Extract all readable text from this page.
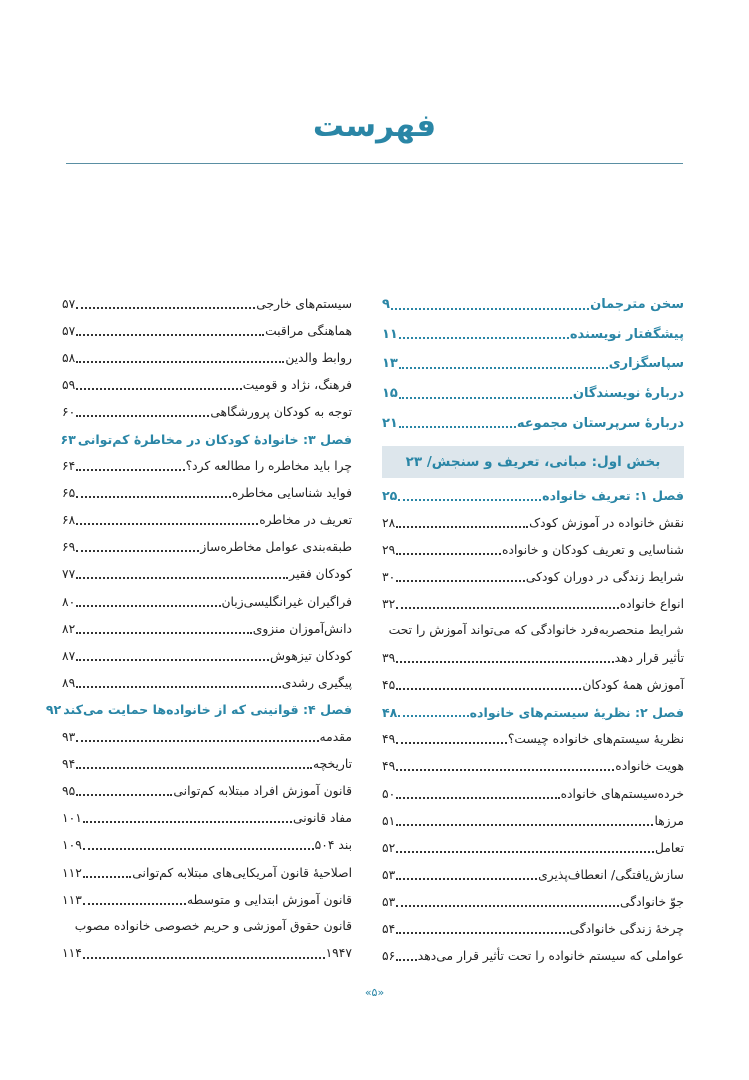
فهرست
سخن مترجمان
۹
پیشگفتار نویسنده
۱۱
سپاسگزاری
۱۳
دربارۀ نویسندگان
۱۵
دربارۀ سرپرستان مجموعه
۲۱
بخش اول: مبانی، تعریف و سنجش/ ۲۳
فصل ۱: تعریف خانواده
۲۵
نقش خانواده در آموزش کودک
۲۸
شناسایی و تعریف کودکان و خانواده
۲۹
شرایط زندگی در دوران کودکی
۳۰
انواع خانواده
۳۲
شرایط منحصربه‌فرد خانوادگی که می‌تواند آموزش را تحت
تأثیر قرار دهد
۳۹
آموزش همۀ کودکان
۴۵
فصل ۲: نظریۀ سیستم‌های خانواده
۴۸
نظریۀ سیستم‌های خانواده چیست؟
۴۹
هویت خانواده
۴۹
خرده‌سیستم‌های خانواده
۵۰
مرزها
۵۱
تعامل
۵۲
سازش‌یافتگی/ انعطاف‌پذیری
۵۳
جوّ خانوادگی
۵۳
چرخۀ زندگی خانوادگی
۵۴
عواملی که سیستم خانواده را تحت تأثیر قرار می‌دهد
۵۶
سیستم‌های خارجی
۵۷
هماهنگی مراقبت
۵۷
روابط والدین
۵۸
فرهنگ، نژاد و قومیت
۵۹
توجه به کودکان پرورشگاهی
۶۰
فصل ۳: خانوادۀ کودکان در مخاطرۀ کم‌توانی
۶۳
چرا باید مخاطره را مطالعه کرد؟
۶۴
فواید شناسایی مخاطره
۶۵
تعریف در مخاطره
۶۸
طبقه‌بندی عوامل مخاطره‌ساز
۶۹
کودکان فقیر
۷۷
فراگیران غیرانگلیسی‌زبان
۸۰
دانش‌آموزان منزوی
۸۲
کودکان تیزهوش
۸۷
پیگیری رشدی
۸۹
فصل ۴: قوانینی که از خانواده‌ها حمایت می‌کند
۹۲
مقدمه
۹۳
تاریخچه
۹۴
قانون آموزش افراد مبتلابه کم‌توانی
۹۵
مفاد قانونی
۱۰۱
بند ۵۰۴
۱۰۹
اصلاحیۀ قانون آمریکایی‌های مبتلابه کم‌توانی
۱۱۲
قانون آموزش ابتدایی و متوسطه
۱۱۳
قانون حقوق آموزشی و حریم خصوصی خانواده مصوب
۱۹۴۷
۱۱۴
«۵»
